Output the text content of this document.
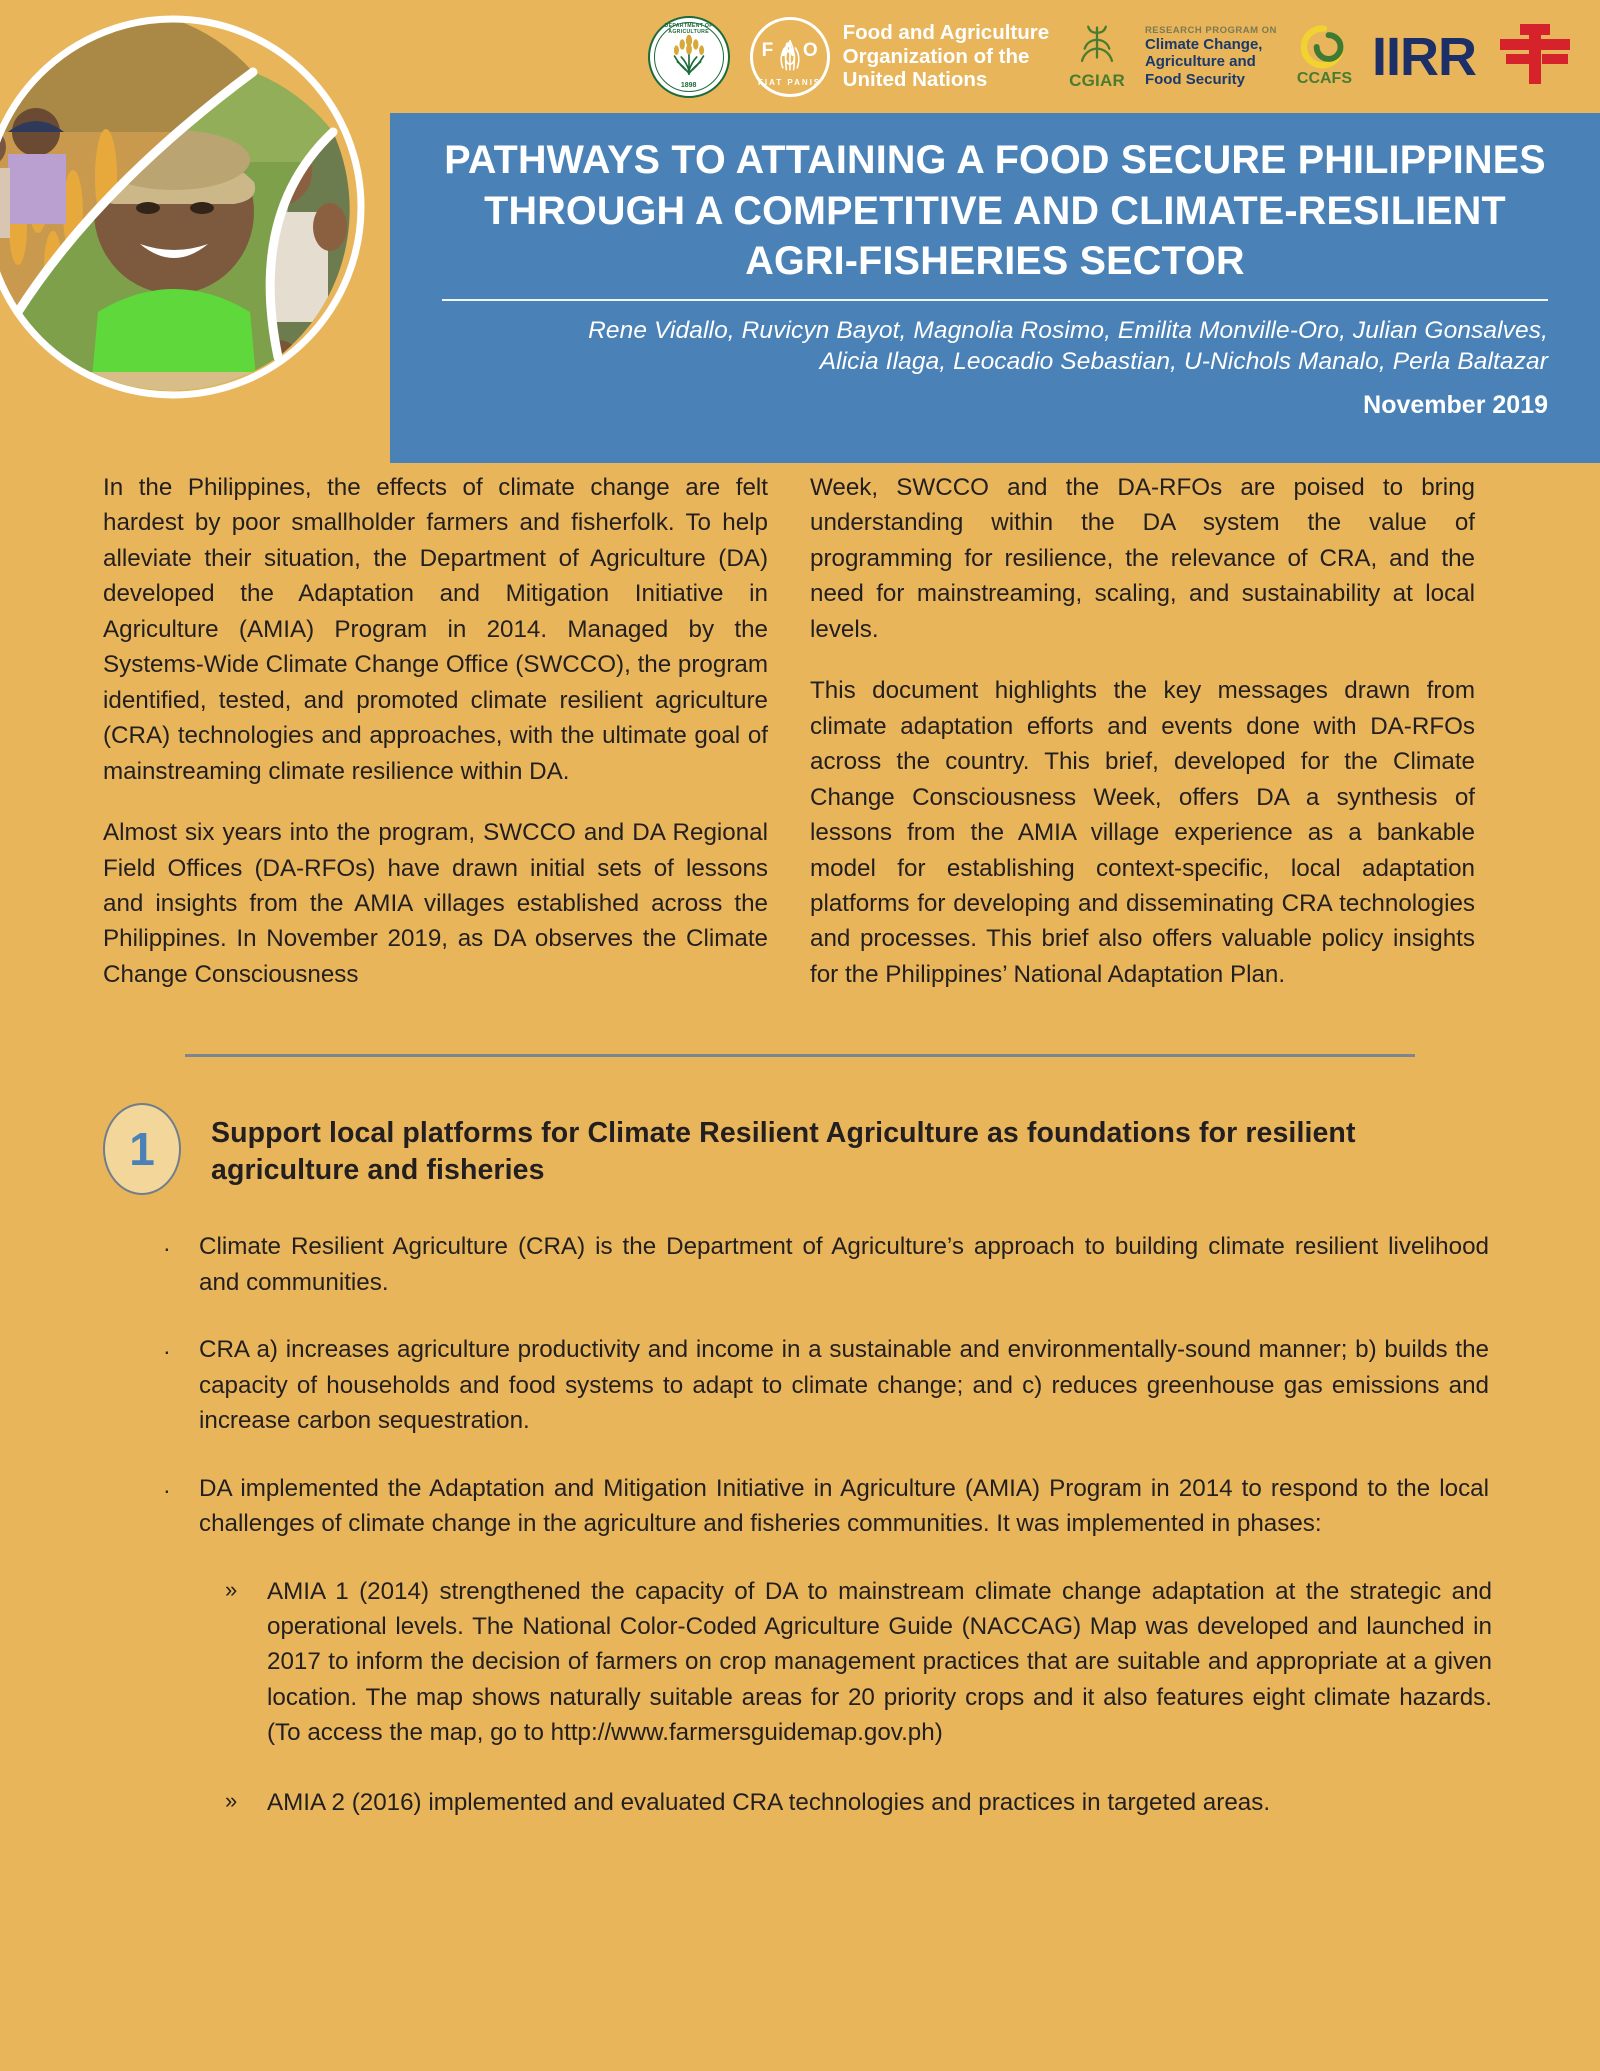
DEPARTMENT OF AGRICULTURE
1898
F A O
FIAT PANIS
Food and Agriculture
Organization of the
United Nations	CGIAR
RESEARCH PROGRAM ON
Climate Change,
Agriculture and
Food Security	CCAFS IIRR
PATHWAYS TO ATTAINING A FOOD SECURE PHILIPPINES THROUGH A COMPETITIVE AND CLIMATE-RESILIENT AGRI-FISHERIES SECTOR
Rene Vidallo, Ruvicyn Bayot, Magnolia Rosimo, Emilita Monville-Oro, Julian Gonsalves,
Alicia Ilaga, Leocadio Sebastian, U-Nichols Manalo, Perla Baltazar
November 2019

In the Philippines, the effects of climate change are felt hardest by poor smallholder farmers and fisherfolk. To help alleviate their situation, the Department of Agriculture (DA) developed the Adaptation and Mitigation Initiative in Agriculture (AMIA) Program in 2014. Managed by the Systems-Wide Climate Change Office (SWCCO), the program identified, tested, and promoted climate resilient agriculture (CRA) technologies and approaches, with the ultimate goal of mainstreaming climate resilience within DA.

Almost six years into the program, SWCCO and DA Regional Field Offices (DA-RFOs) have drawn initial sets of lessons and insights from the AMIA villages established across the Philippines. In November 2019, as DA observes the Climate Change Consciousness

Week, SWCCO and the DA-RFOs are poised to bring understanding within the DA system the value of programming for resilience, the relevance of CRA, and the need for mainstreaming, scaling, and sustainability at local levels.

This document highlights the key messages drawn from climate adaptation efforts and events done with DA-RFOs across the country. This brief, developed for the Climate Change Consciousness Week, offers DA a synthesis of lessons from the AMIA village experience as a bankable model for establishing context-specific, local adaptation platforms for developing and disseminating CRA technologies and processes. This brief also offers valuable policy insights for the Philippines’ National Adaptation Plan.

1	Support local platforms for Climate Resilient Agriculture as foundations for resilient agriculture and fisheries
· Climate Resilient Agriculture (CRA) is the Department of Agriculture’s approach to building climate resilient livelihood and communities.
· CRA a) increases agriculture productivity and income in a sustainable and environmentally-sound manner; b) builds the capacity of households and food systems to adapt to climate change; and c) reduces greenhouse gas emissions and increase carbon sequestration.
· DA implemented the Adaptation and Mitigation Initiative in Agriculture (AMIA) Program in 2014 to respond to the local challenges of climate change in the agriculture and fisheries communities. It was implemented in phases:
» AMIA 1 (2014) strengthened the capacity of DA to mainstream climate change adaptation at the strategic and operational levels. The National Color-Coded Agriculture Guide (NACCAG) Map was developed and launched in 2017 to inform the decision of farmers on crop management practices that are suitable and appropriate at a given location. The map shows naturally suitable areas for 20 priority crops and it also features eight climate hazards. (To access the map, go to http://www.farmersguidemap.gov.ph)
» AMIA 2 (2016) implemented and evaluated CRA technologies and practices in targeted areas.
